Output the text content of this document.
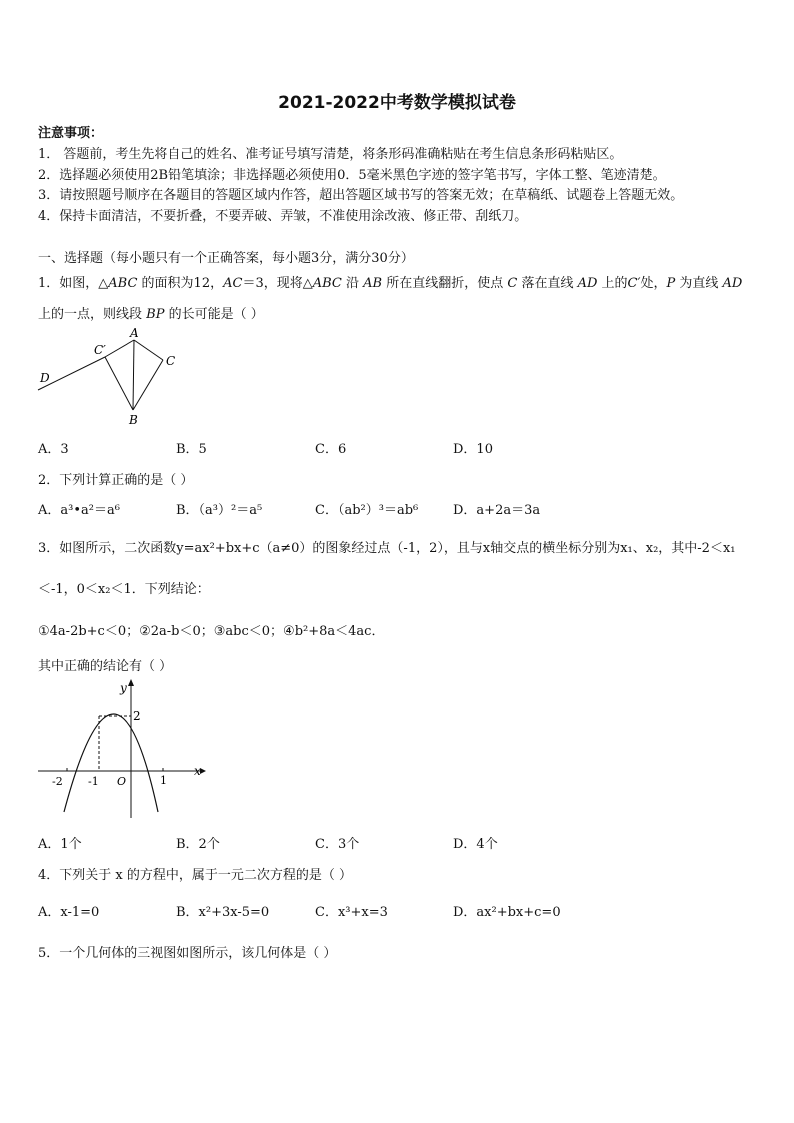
2021-2022中考数学模拟试卷
注意事项：
1． 答题前，考生先将自己的姓名、准考证号填写清楚，将条形码准确粘贴在考生信息条形码粘贴区。
2．选择题必须使用2B铅笔填涂；非选择题必须使用0．5毫米黑色字迹的签字笔书写，字体工整、笔迹清楚。
3．请按照题号顺序在各题目的答题区域内作答，超出答题区域书写的答案无效；在草稿纸、试题卷上答题无效。
4．保持卡面清洁，不要折叠，不要弄破、弄皱，不准使用涂改液、修正带、刮纸刀。
一、选择题（每小题只有一个正确答案，每小题3分，满分30分）
1．如图，△ABC 的面积为12，AC＝3，现将△ABC 沿 AB 所在直线翻折，使点 C 落在直线 AD 上的C′处，P 为直线 AD
上的一点，则线段 BP 的长可能是（ ）
A
C′
C
D
B
A．3	B．5	C．6	D．10
2．下列计算正确的是（ ）
A．a³•a²＝a⁶	B．（a³）²＝a⁵	C．（ab²）³＝ab⁶	D．a+2a＝3a
3．如图所示，二次函数y=ax²+bx+c（a≠0）的图象经过点（-1，2），且与x轴交点的横坐标分别为x₁、x₂，其中-2＜x₁
＜-1，0＜x₂＜1．下列结论：
①4a-2b+c＜0；②2a-b＜0；③abc＜0；④b²+8a＜4ac．
其中正确的结论有（ ）
y
x
2
-2 -1 O	1
A．1个	B．2个	C．3个	D．4个
4．下列关于 x 的方程中，属于一元二次方程的是（ ）
A．x-1=0	B．x²+3x-5=0	C．x³+x=3	D．ax²+bx+c=0
5．一个几何体的三视图如图所示，该几何体是（ ）
